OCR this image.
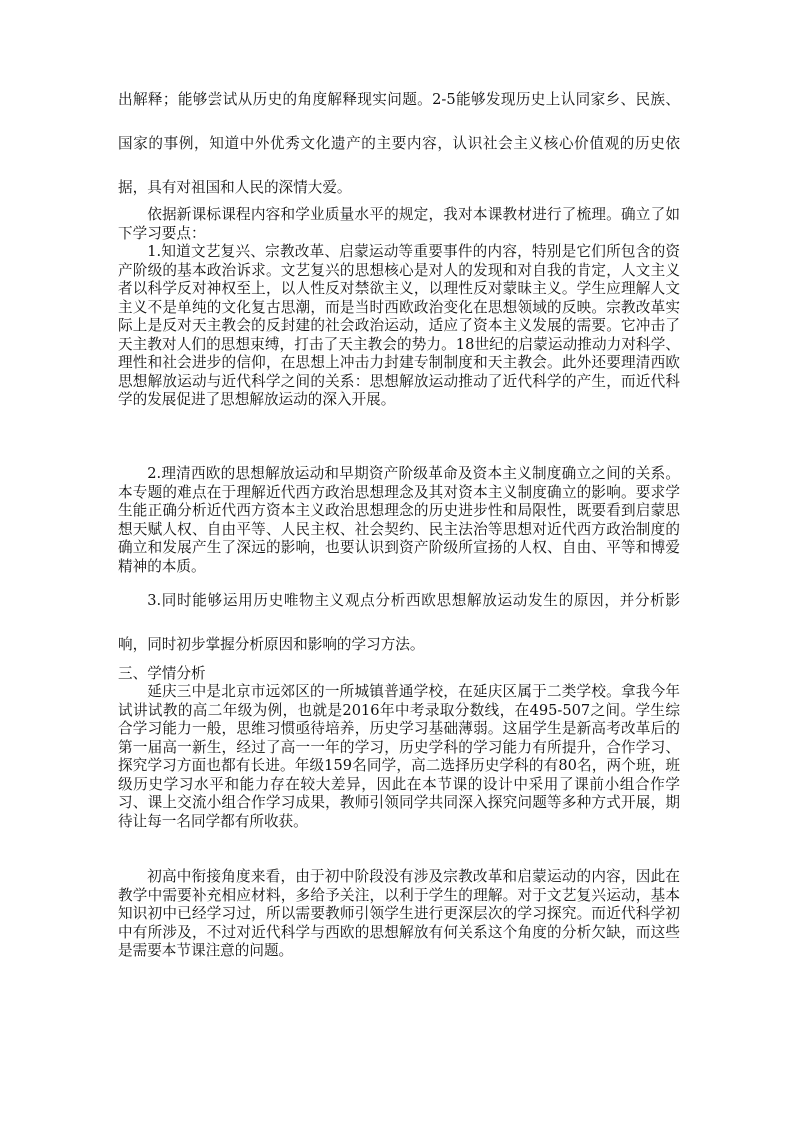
出解释；能够尝试从历史的角度解释现实问题。2-5能够发现历史上认同家乡、民族、国家的事例，知道中外优秀文化遗产的主要内容，认识社会主义核心价值观的历史依据，具有对祖国和人民的深情大爱。

依据新课标课程内容和学业质量水平的规定，我对本课教材进行了梳理。确立了如下学习要点：

1.知道文艺复兴、宗教改革、启蒙运动等重要事件的内容，特别是它们所包含的资产阶级的基本政治诉求。文艺复兴的思想核心是对人的发现和对自我的肯定，人文主义者以科学反对神权至上，以人性反对禁欲主义，以理性反对蒙昧主义。学生应理解人文主义不是单纯的文化复古思潮，而是当时西欧政治变化在思想领域的反映。宗教改革实际上是反对天主教会的反封建的社会政治运动，适应了资本主义发展的需要。它冲击了天主教对人们的思想束缚，打击了天主教会的势力。18世纪的启蒙运动推动力对科学、理性和社会进步的信仰，在思想上冲击力封建专制制度和天主教会。此外还要理清西欧思想解放运动与近代科学之间的关系：思想解放运动推动了近代科学的产生，而近代科学的发展促进了思想解放运动的深入开展。

2.理清西欧的思想解放运动和早期资产阶级革命及资本主义制度确立之间的关系。本专题的难点在于理解近代西方政治思想理念及其对资本主义制度确立的影响。要求学生能正确分析近代西方资本主义政治思想理念的历史进步性和局限性，既要看到启蒙思想天赋人权、自由平等、人民主权、社会契约、民主法治等思想对近代西方政治制度的确立和发展产生了深远的影响，也要认识到资产阶级所宣扬的人权、自由、平等和博爱精神的本质。

3.同时能够运用历史唯物主义观点分析西欧思想解放运动发生的原因，并分析影响，同时初步掌握分析原因和影响的学习方法。

三、学情分析

延庆三中是北京市远郊区的一所城镇普通学校，在延庆区属于二类学校。拿我今年试讲试教的高二年级为例，也就是2016年中考录取分数线，在495-507之间。学生综合学习能力一般，思维习惯亟待培养，历史学习基础薄弱。这届学生是新高考改革后的第一届高一新生，经过了高一一年的学习，历史学科的学习能力有所提升，合作学习、探究学习方面也都有长进。年级159名同学，高二选择历史学科的有80名，两个班，班级历史学习水平和能力存在较大差异，因此在本节课的设计中采用了课前小组合作学习、课上交流小组合作学习成果，教师引领同学共同深入探究问题等多种方式开展，期待让每一名同学都有所收获。

初高中衔接角度来看，由于初中阶段没有涉及宗教改革和启蒙运动的内容，因此在教学中需要补充相应材料，多给予关注，以利于学生的理解。对于文艺复兴运动，基本知识初中已经学习过，所以需要教师引领学生进行更深层次的学习探究。而近代科学初中有所涉及，不过对近代科学与西欧的思想解放有何关系这个角度的分析欠缺，而这些是需要本节课注意的问题。
